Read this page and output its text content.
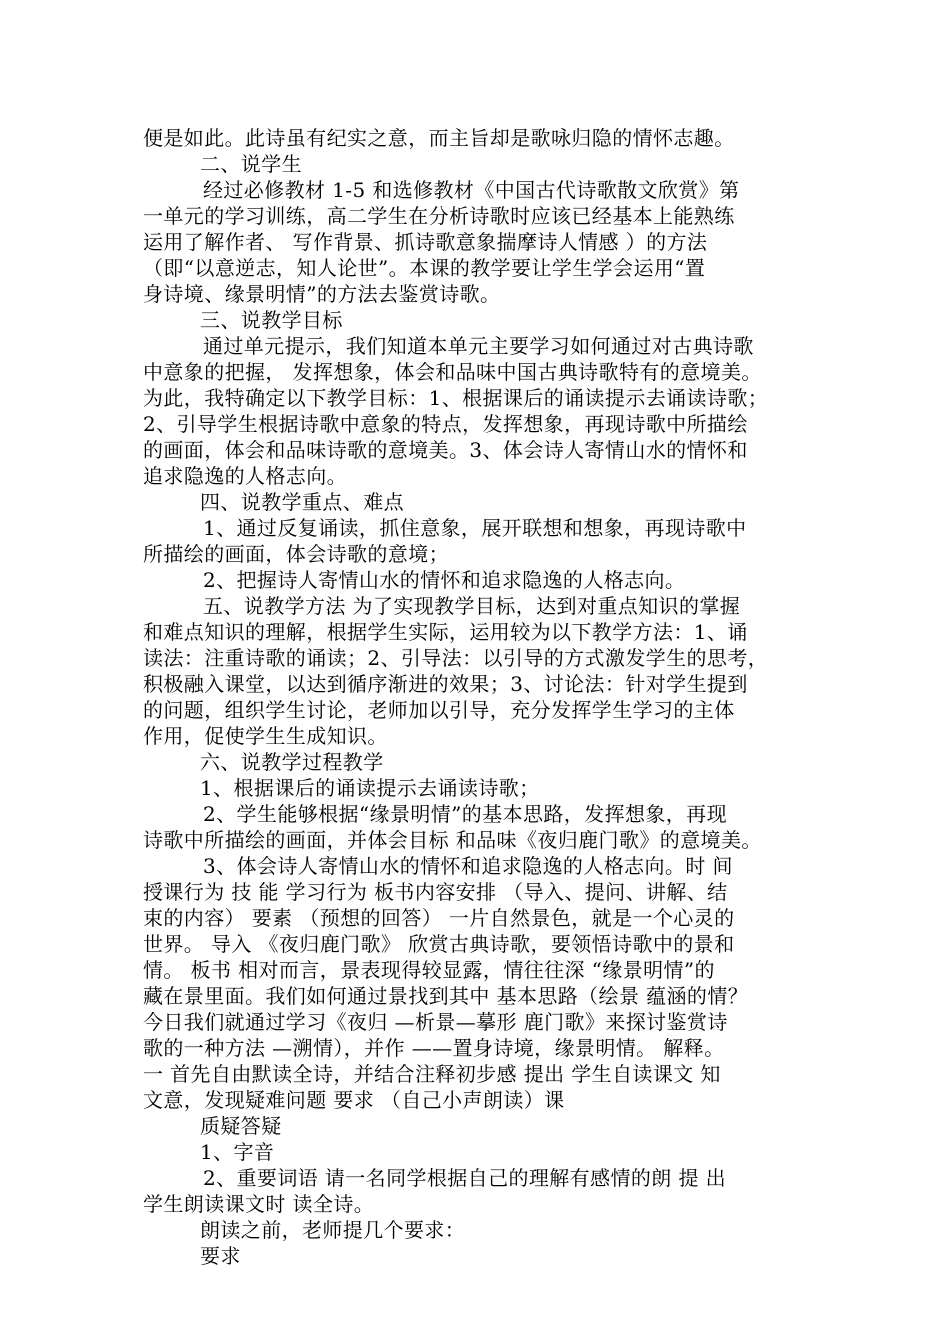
便是如此。此诗虽有纪实之意，而主旨却是歌咏归隐的情怀志趣。
二、说学生
经过必修教材 1-5 和选修教材《中国古代诗歌散文欣赏》第
一单元的学习训练，高二学生在分析诗歌时应该已经基本上能熟练
运用了解作者、 写作背景、抓诗歌意象揣摩诗人情感 ）的方法
（即“以意逆志，知人论世”。本课的教学要让学生学会运用“置
身诗境、缘景明情”的方法去鉴赏诗歌。
三、说教学目标
通过单元提示，我们知道本单元主要学习如何通过对古典诗歌
中意象的把握， 发挥想象，体会和品味中国古典诗歌特有的意境美。
为此，我特确定以下教学目标：1、根据课后的诵读提示去诵读诗歌；
2、引导学生根据诗歌中意象的特点，发挥想象，再现诗歌中所描绘
的画面，体会和品味诗歌的意境美。3、体会诗人寄情山水的情怀和
追求隐逸的人格志向。
四、说教学重点、难点
1、通过反复诵读，抓住意象，展开联想和想象，再现诗歌中
所描绘的画面，体会诗歌的意境；
2、把握诗人寄情山水的情怀和追求隐逸的人格志向。
五、说教学方法 为了实现教学目标，达到对重点知识的掌握
和难点知识的理解，根据学生实际，运用较为以下教学方法：1、诵
读法：注重诗歌的诵读；2、引导法：以引导的方式激发学生的思考，
积极融入课堂，以达到循序渐进的效果；3、讨论法：针对学生提到
的问题，组织学生讨论，老师加以引导，充分发挥学生学习的主体
作用，促使学生生成知识。
六、说教学过程教学
1、根据课后的诵读提示去诵读诗歌；
2、学生能够根据“缘景明情”的基本思路，发挥想象，再现
诗歌中所描绘的画面，并体会目标 和品味《夜归鹿门歌》的意境美。
3、体会诗人寄情山水的情怀和追求隐逸的人格志向。时 间
授课行为 技 能 学习行为 板书内容安排 （导入、提问、讲解、结
束的内容） 要素 （预想的回答） 一片自然景色，就是一个心灵的
世界。 导入 《夜归鹿门歌》 欣赏古典诗歌，要领悟诗歌中的景和
情。 板书 相对而言，景表现得较显露，情往往深 “缘景明情”的
藏在景里面。我们如何通过景找到其中 基本思路（绘景 蕴涵的情？
今日我们就通过学习《夜归 —析景—摹形 鹿门歌》来探讨鉴赏诗
歌的一种方法 —溯情），并作 ——置身诗境，缘景明情。 解释。
一 首先自由默读全诗，并结合注释初步感 提出 学生自读课文 知
文意，发现疑难问题 要求 （自己小声朗读）课
质疑答疑
1、字音
2、重要词语 请一名同学根据自己的理解有感情的朗 提 出
学生朗读课文时 读全诗。
朗读之前，老师提几个要求：
要求
